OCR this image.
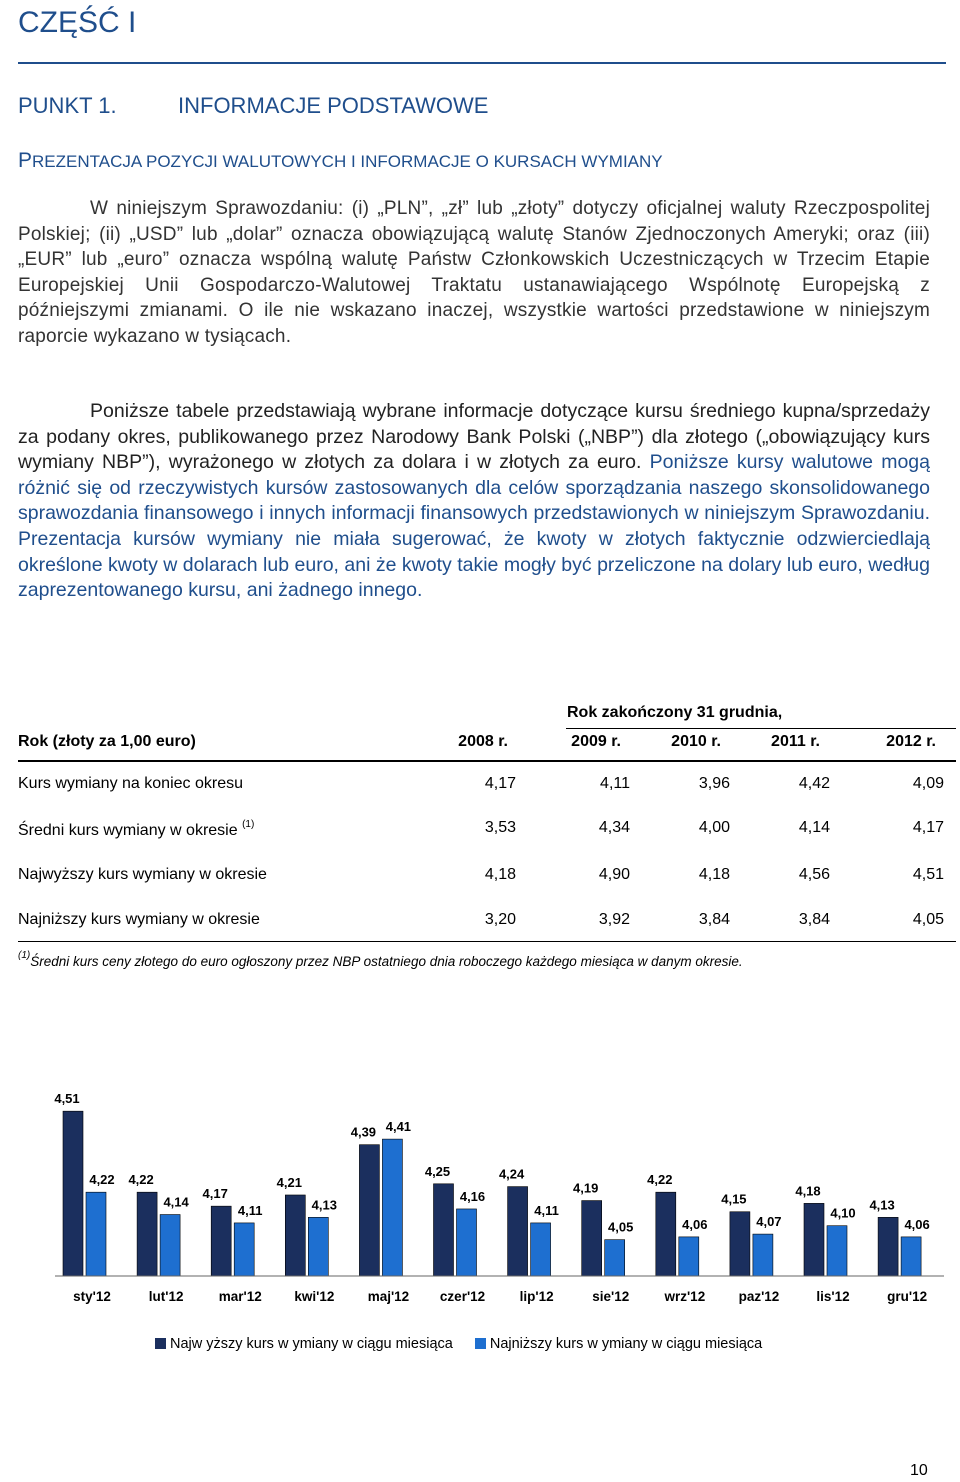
CZĘŚĆ I
PUNKT 1.	INFORMACJE PODSTAWOWE
PREZENTACJA POZYCJI WALUTOWYCH I INFORMACJE O KURSACH WYMIANY
W niniejszym Sprawozdaniu: (i) „PLN”, „zł” lub „złoty” dotyczy oficjalnej waluty Rzeczpospolitej Polskiej; (ii) „USD” lub „dolar” oznacza obowiązującą walutę Stanów Zjednoczonych Ameryki; oraz (iii) „EUR” lub „euro” oznacza wspólną walutę Państw Członkowskich Uczestniczących w Trzecim Etapie Europejskiej Unii Gospodarczo-Walutowej Traktatu ustanawiającego Wspólnotę Europejską z późniejszymi zmianami. O ile nie wskazano inaczej, wszystkie wartości przedstawione w niniejszym raporcie wykazano w tysiącach.
Poniższe tabele przedstawiają wybrane informacje dotyczące kursu średniego kupna/sprzedaży za podany okres, publikowanego przez Narodowy Bank Polski („NBP”) dla złotego („obowiązujący kurs wymiany NBP”), wyrażonego w złotych za dolara i w złotych za euro. Poniższe kursy walutowe mogą różnić się od rzeczywistych kursów zastosowanych dla celów sporządzania naszego skonsolidowanego sprawozdania finansowego i innych informacji finansowych przedstawionych w niniejszym Sprawozdaniu. Prezentacja kursów wymiany nie miała sugerować, że kwoty w złotych faktycznie odzwierciedlają określone kwoty w dolarach lub euro, ani że kwoty takie mogły być przeliczone na dolary lub euro, według zaprezentowanego kursu, ani żadnego innego.
Rok zakończony 31 grudnia,
Rok (złoty za 1,00 euro)	2008 r.	2009 r.	2010 r.	2011 r.	2012 r.
Kurs wymiany na koniec okresu	4,17	4,11	3,96	4,42	4,09
Średni kurs wymiany w okresie $^{(1)}$	3,53	4,34	4,00	4,14	4,17
Najwyższy kurs wymiany w okresie	4,18	4,90	4,18	4,56	4,51
Najniższy kurs wymiany w okresie	3,20	3,92	3,84	3,84	4,05
$^{(1)}$Średni kurs ceny złotego do euro ogłoszony przez NBP ostatniego dnia roboczego każdego miesiąca w danym okresie.
4,51
4,22 4,22
4,14
4,17
4,11
4,21
4,13
4,39 4,41
4,25
4,16
4,24
4,11
4,19
4,05
4,22
4,06
4,15
4,07
4,18
4,10
4,13
4,06
sty'12	lut'12	mar'12 kwi'12 maj'12 czer'12	lip'12	sie'12	wrz'12 paz'12	lis'12	gru'12
Najw yższy kurs w ymiany w ciągu miesiąca	Najniższy kurs w ymiany w ciągu miesiąca
10
